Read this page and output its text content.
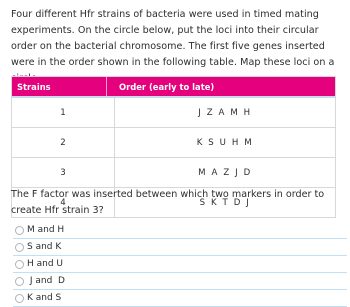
Four different Hfr strains of bacteria were used in timed mating experiments. On the circle below, put the loci into their circular order on the bacterial chromosome. The first five genes inserted were in the order shown in the following table. Map these loci on a

Strains	Order (early to late)
1	J Z A M H
2	K S U H M
3	M A Z J D
4	S K T D J

The F factor was inserted between which two markers in order to create Hfr strain 3?

M and H
S and K
H and U
J and  D
K and S
